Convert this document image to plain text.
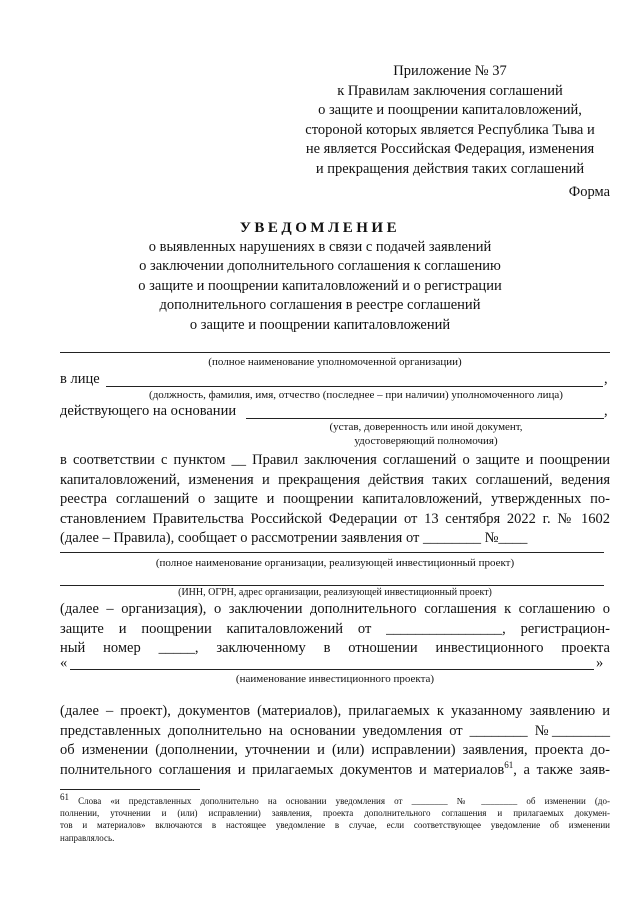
Приложение № 37
к Правилам заключения соглашений
о защите и поощрении капиталовложений,
стороной которых является Республика Тыва и
не является Российская Федерация, изменения
и прекращения действия таких соглашений
Форма
УВЕДОМЛЕНИЕ
о выявленных нарушениях в связи с подачей заявлений
о заключении дополнительного соглашения к соглашению
о защите и поощрении капиталовложений и о регистрации
дополнительного соглашения в реестре соглашений
о защите и поощрении капиталовложений
(полное наименование уполномоченной организации)
в лице	,
(должность, фамилия, имя, отчество (последнее – при наличии) уполномоченного лица)
действующего на основании	,
(устав, доверенность или иной документ,
удостоверяющий полномочия)
в соответствии с пунктом __ Правил заключения соглашений о защите и поощрении
капиталовложений, изменения и прекращения действия таких соглашений, ведения
реестра соглашений о защите и поощрении капиталовложений, утвержденных по-
становлением Правительства Российской Федерации от 13 сентября 2022 г. № 1602
(далее – Правила), сообщает о рассмотрении заявления от ________ №____
(полное наименование организации, реализующей инвестиционный проект)
(ИНН, ОГРН, адрес организации, реализующей инвестиционный проект)
(далее – организация), о заключении дополнительного соглашения к соглашению о
защите и поощрении капиталовложений от ________________, регистрацион-
ный номер _____, заключенному в отношении инвестиционного проекта
«	»
(наименование инвестиционного проекта)
(далее – проект), документов (материалов), прилагаемых к указанному заявлению и
представленных дополнительно на основании уведомления от ________ №________
об изменении (дополнении, уточнении и (или) исправлении) заявления, проекта до-
полнительного соглашения и прилагаемых документов и материалов$^{61}$, а также заяв-
$^{61}$ Слова «и представленных дополнительно на основании уведомления от ________ № ________ об изменении (до-
полнении, уточнении и (или) исправлении) заявления, проекта дополнительного соглашения и прилагаемых докумен-
тов и материалов» включаются в настоящее уведомление в случае, если соответствующее уведомление об изменении
направлялось.
